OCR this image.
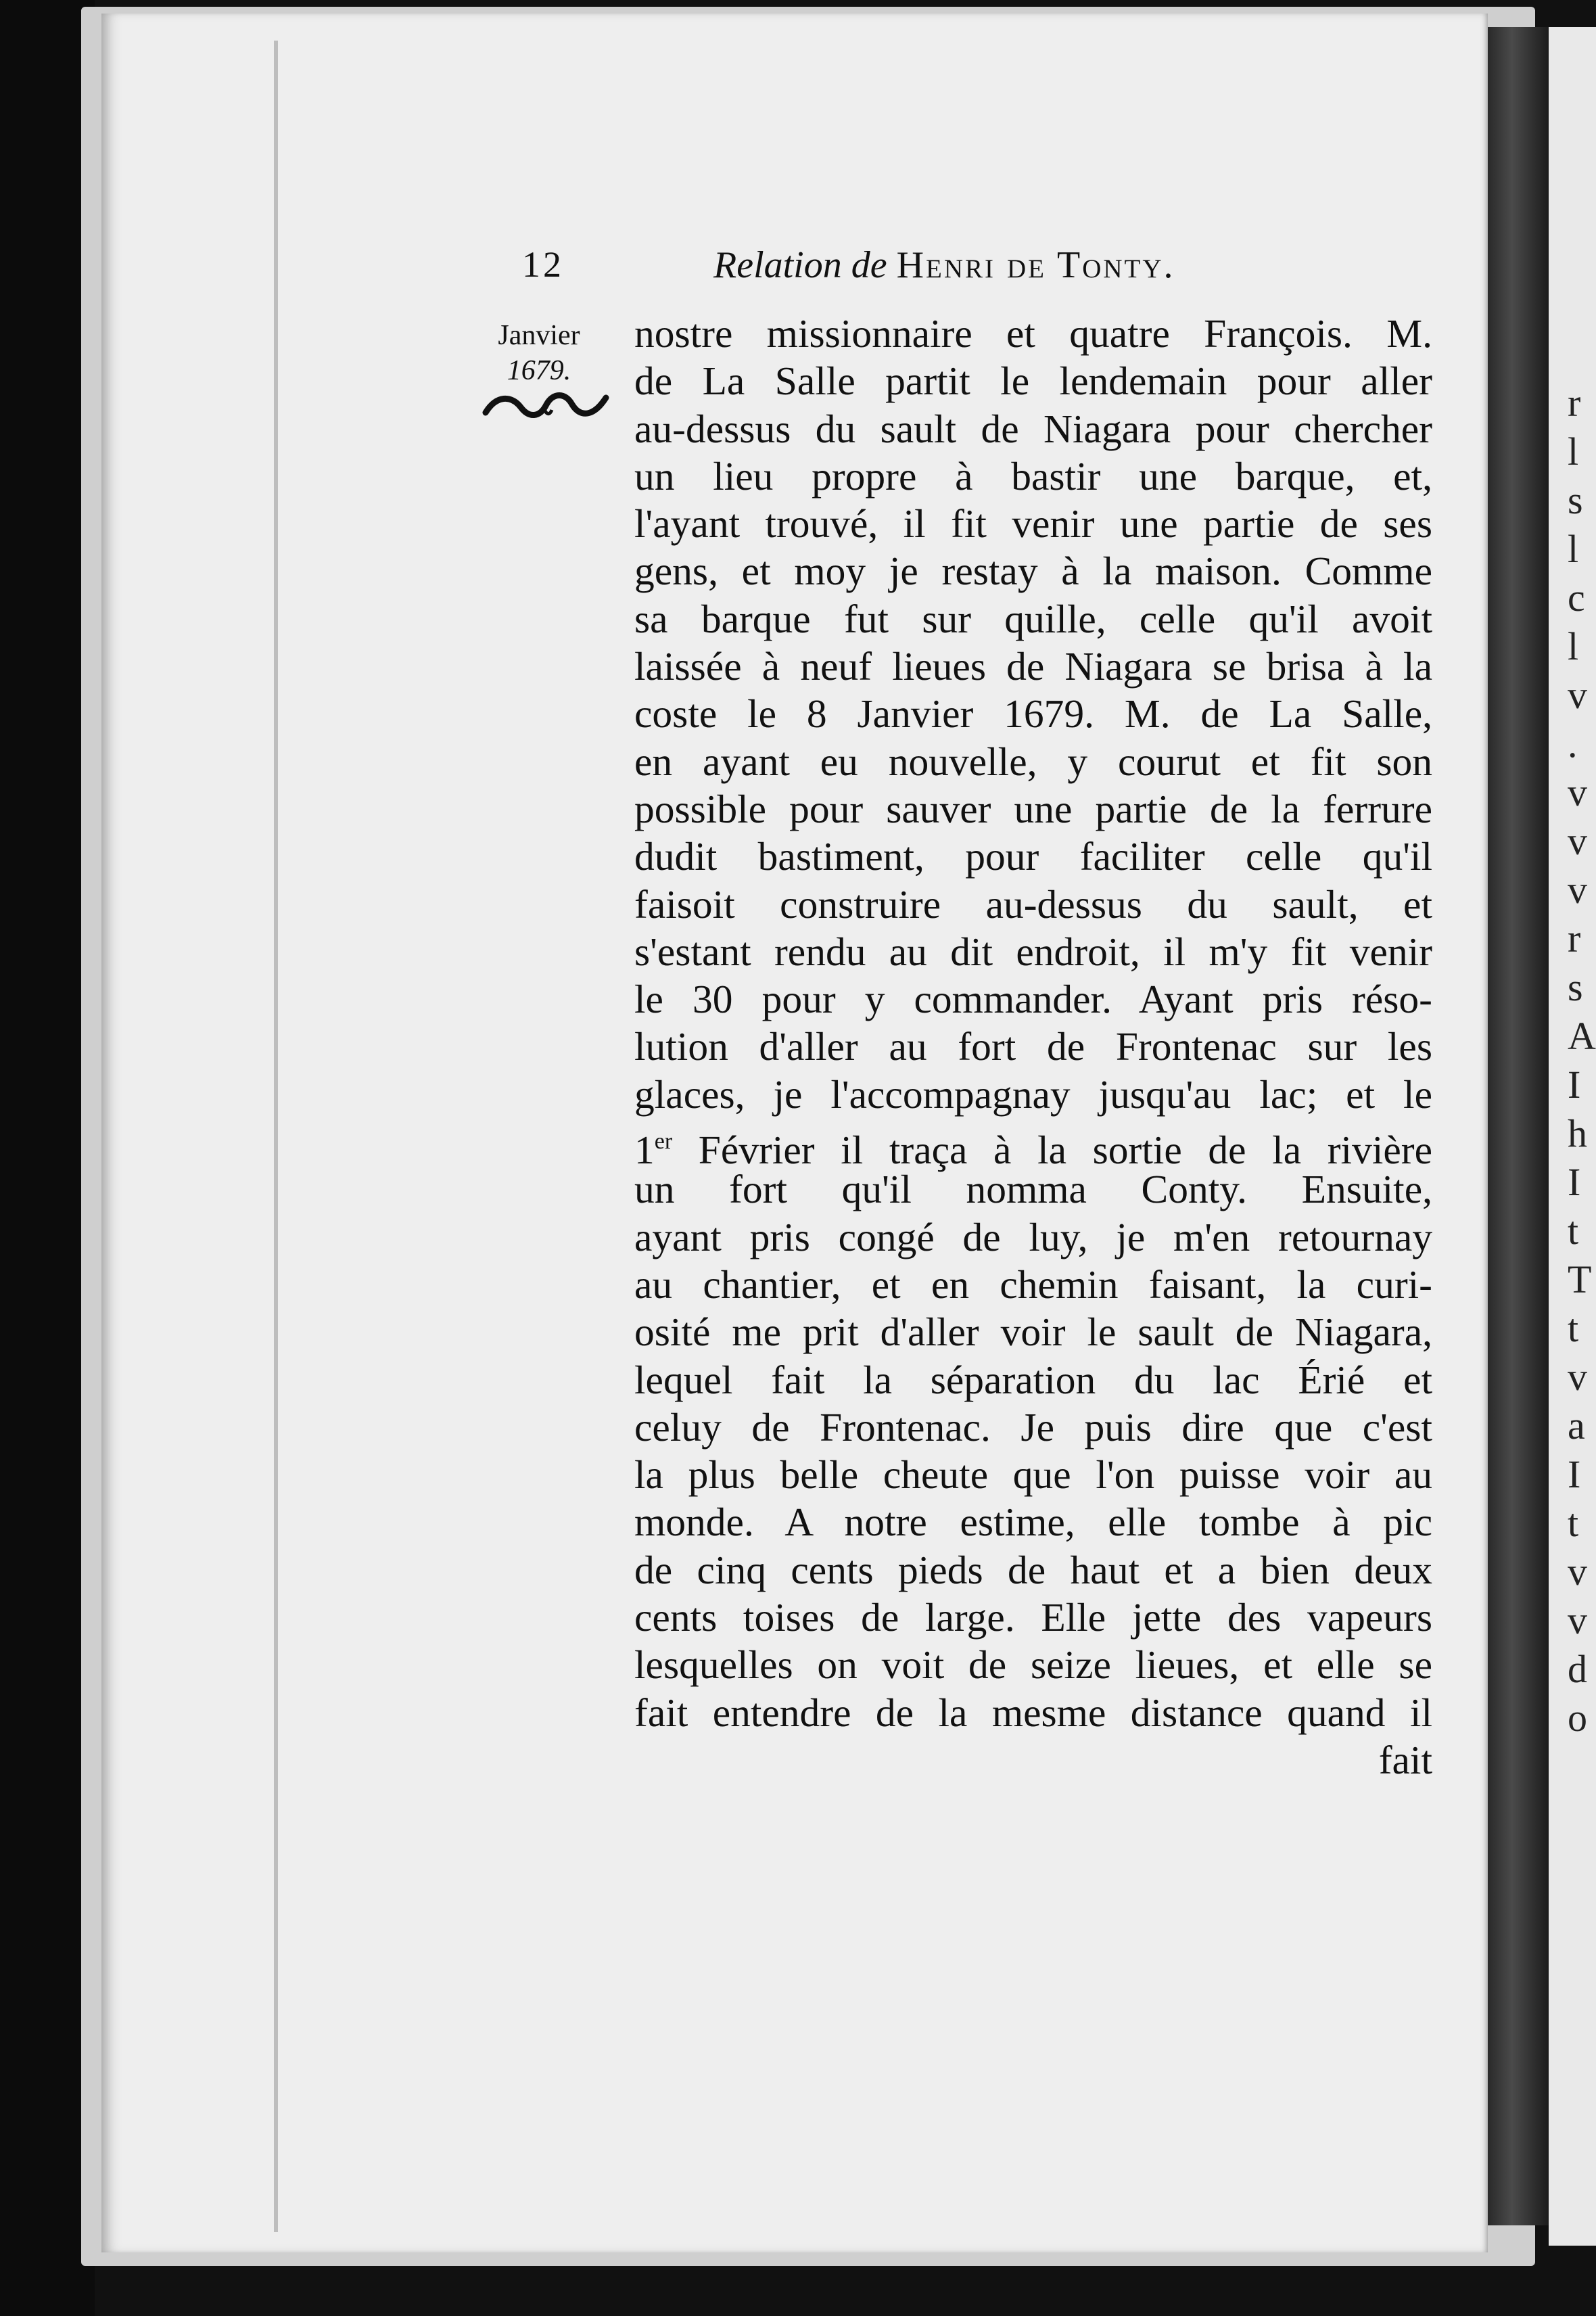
r
l
s
l
c
l
v
.
v
v
v
r
s
A
I
h
I
t
T
t
v
a
I
t
v
v
d
o
12	Relation de Henri de Tonty.
Janvier
1679.
nostre missionnaire et quatre François. M.
de La Salle partit le lendemain pour aller
au-dessus du sault de Niagara pour chercher
un lieu propre à bastir une barque, et,
l'ayant trouvé, il fit venir une partie de ses
gens, et moy je restay à la maison. Comme
sa barque fut sur quille, celle qu'il avoit
laissée à neuf lieues de Niagara se brisa à la
coste le 8 Janvier 1679. M. de La Salle,
en ayant eu nouvelle, y courut et fit son
possible pour sauver une partie de la ferrure
dudit bastiment, pour faciliter celle qu'il
faisoit construire au-dessus du sault, et
s'estant rendu au dit endroit, il m'y fit venir
le 30 pour y commander. Ayant pris réso-
lution d'aller au fort de Frontenac sur les
glaces, je l'accompagnay jusqu'au lac; et le
1er Février il traça à la sortie de la rivière
un fort qu'il nomma Conty. Ensuite,
ayant pris congé de luy, je m'en retournay
au chantier, et en chemin faisant, la curi-
osité me prit d'aller voir le sault de Niagara,
lequel fait la séparation du lac Érié et
celuy de Frontenac. Je puis dire que c'est
la plus belle cheute que l'on puisse voir au
monde. A notre estime, elle tombe à pic
de cinq cents pieds de haut et a bien deux
cents toises de large. Elle jette des vapeurs
lesquelles on voit de seize lieues, et elle se
fait entendre de la mesme distance quand il
fait
